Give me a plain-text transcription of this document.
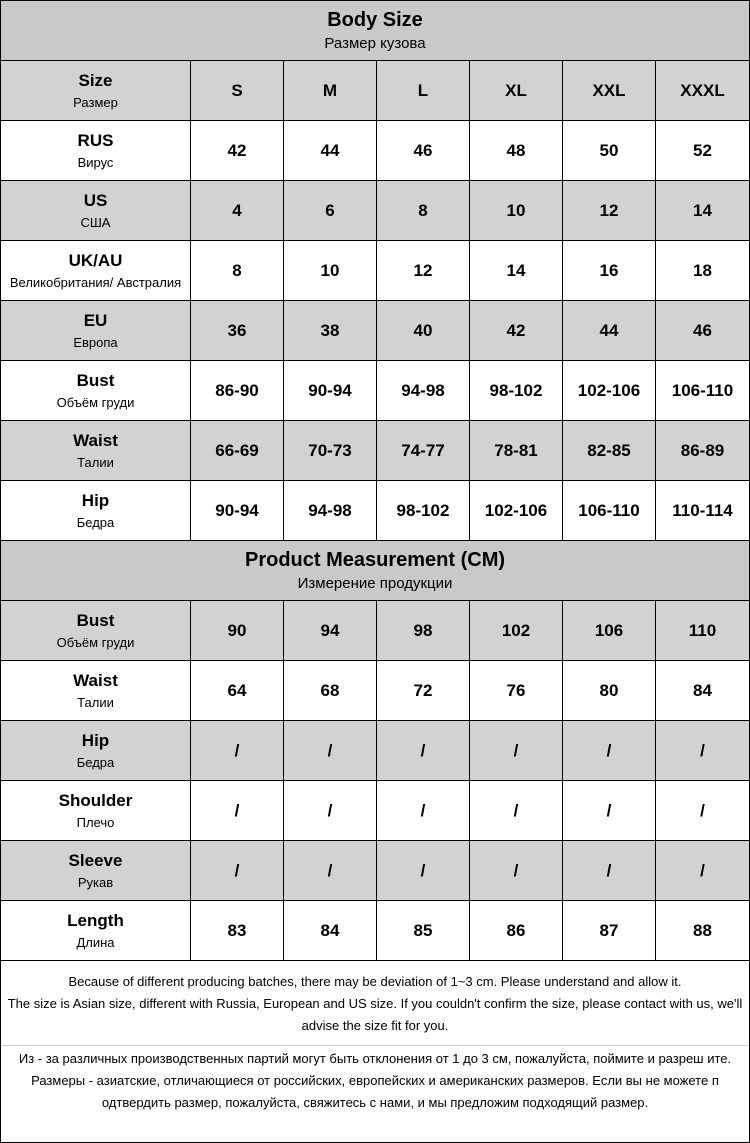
Body Size
Размер кузова
Size
Размер
S	M	L	XL	XXL	XXXL
RUS
Вирус
42	44	46	48	50	52
US
США
4	6	8	10	12	14
UK/AU
Великобритания/ Австралия
8	10	12	14	16	18
EU
Европа
36	38	40	42	44	46
Bust
Объём груди
86-90	90-94	94-98	98-102 102-106 106-110
Waist
Талии
66-69	70-73	74-77	78-81	82-85	86-89
Hip
Бедра
90-94	94-98	98-102 102-106 106-110 110-114
Product Measurement (CM)
Измерение продукции
Bust
Объём груди
90	94	98	102	106	110
Waist
Талии
64	68	72	76	80	84
Hip
Бедра
/	/	/	/	/	/
Shoulder
Плечо
/	/	/	/	/	/
Sleeve
Рукав
/	/	/	/	/	/
Length
Длина
83	84	85	86	87	88
Because of different producing batches, there may be deviation of 1~3 cm. Please understand and allow it.
The size is Asian size, different with Russia, European and US size. If you couldn't confirm the size, please contact with us, we'll advise the size fit for you.
Из - за различных производственных партий могут быть отклонения от 1 до 3 см, пожалуйста, поймите и разреш ите.
Размеры - азиатские, отличающиеся от российских, европейских и американских размеров. Если вы не можете п одтвердить размер, пожалуйста, свяжитесь с нами, и мы предложим подходящий размер.
